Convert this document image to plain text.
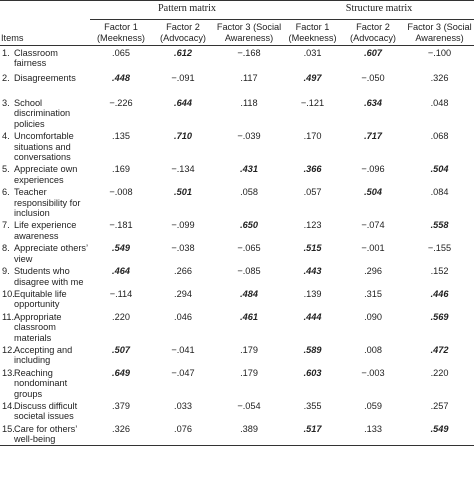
		Pattern matrix			Structure matrix		
Items		Factor 1 (Meekness)	Factor 2 (Advocacy)	Factor 3 (Social Awareness)	Factor 1 (Meekness)	Factor 2 (Advocacy)	Factor 3 (Social Awareness)
1.	Classroom fairness	.065	.612	−.168	.031	.607	−.100
2.	Disagreements	.448	−.091	.117	.497	−.050	.326
3.	School discrimination policies	−.226	.644	.118	−.121	.634	.048
4.	Uncomfortable situations and conversations	.135	.710	−.039	.170	.717	.068
5.	Appreciate own experiences	.169	−.134	.431	.366	−.096	.504
6.	Teacher responsibility for inclusion	−.008	.501	.058	.057	.504	.084
7.	Life experience awareness	−.181	−.099	.650	.123	−.074	.558
8.	Appreciate others’ view	.549	−.038	−.065	.515	−.001	−.155
9.	Students who disagree with me	.464	.266	−.085	.443	.296	.152
10.	Equitable life opportunity	−.114	.294	.484	.139	.315	.446
11.	Appropriate classroom materials	.220	.046	.461	.444	.090	.569
12.	Accepting and including	.507	−.041	.179	.589	.008	.472
13.	Reaching nondominant groups	.649	−.047	.179	.603	−.003	.220
14.	Discuss difficult societal issues	.379	.033	−.054	.355	.059	.257
15.	Care for others’ well-being	.326	.076	.389	.517	.133	.549
